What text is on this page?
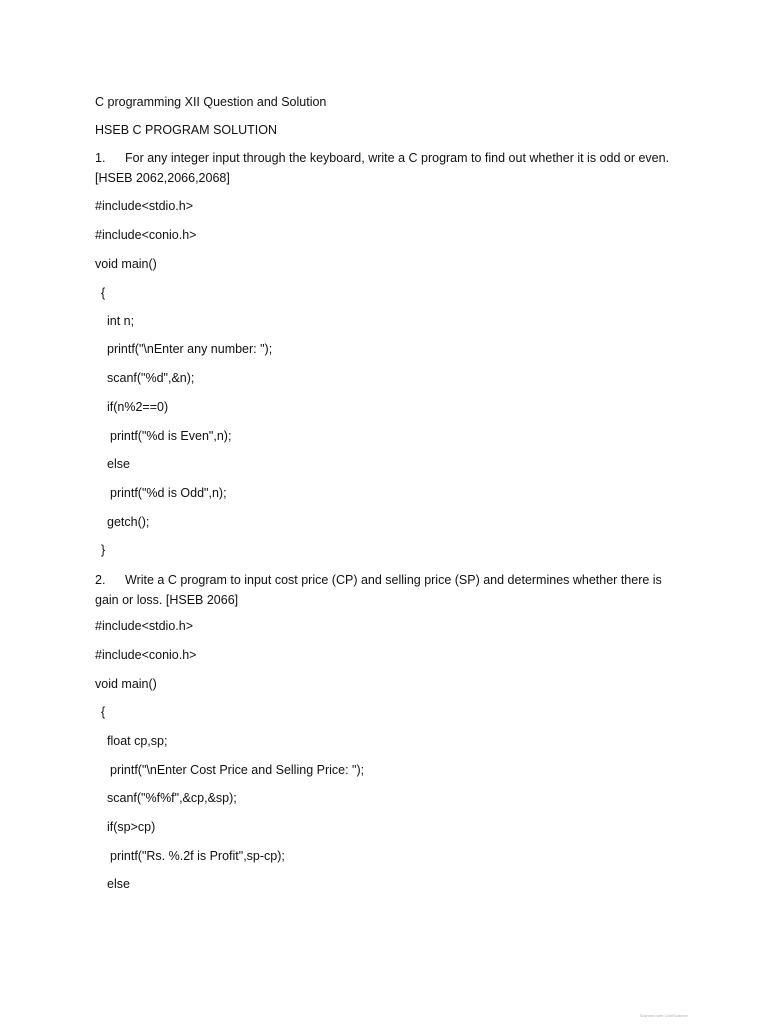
C programming XII Question and Solution
HSEB C PROGRAM SOLUTION
1. For any integer input through the keyboard, write a C program to find out whether it is odd or even. [HSEB 2062,2066,2068]
#include<stdio.h>
#include<conio.h>
void main()
{
int n;
printf("\nEnter any number: ");
scanf("%d",&n);
if(n%2==0)
printf("%d is Even",n);
else
printf("%d is Odd",n);
getch();
}
2. Write a C program to input cost price (CP) and selling price (SP) and determines whether there is gain or loss. [HSEB 2066]
#include<stdio.h>
#include<conio.h>
void main()
{
float cp,sp;
printf("\nEnter Cost Price and Selling Price: ");
scanf("%f%f",&cp,&sp);
if(sp>cp)
printf("Rs. %.2f is Profit",sp-cp);
else
Scanned with CamScanner
